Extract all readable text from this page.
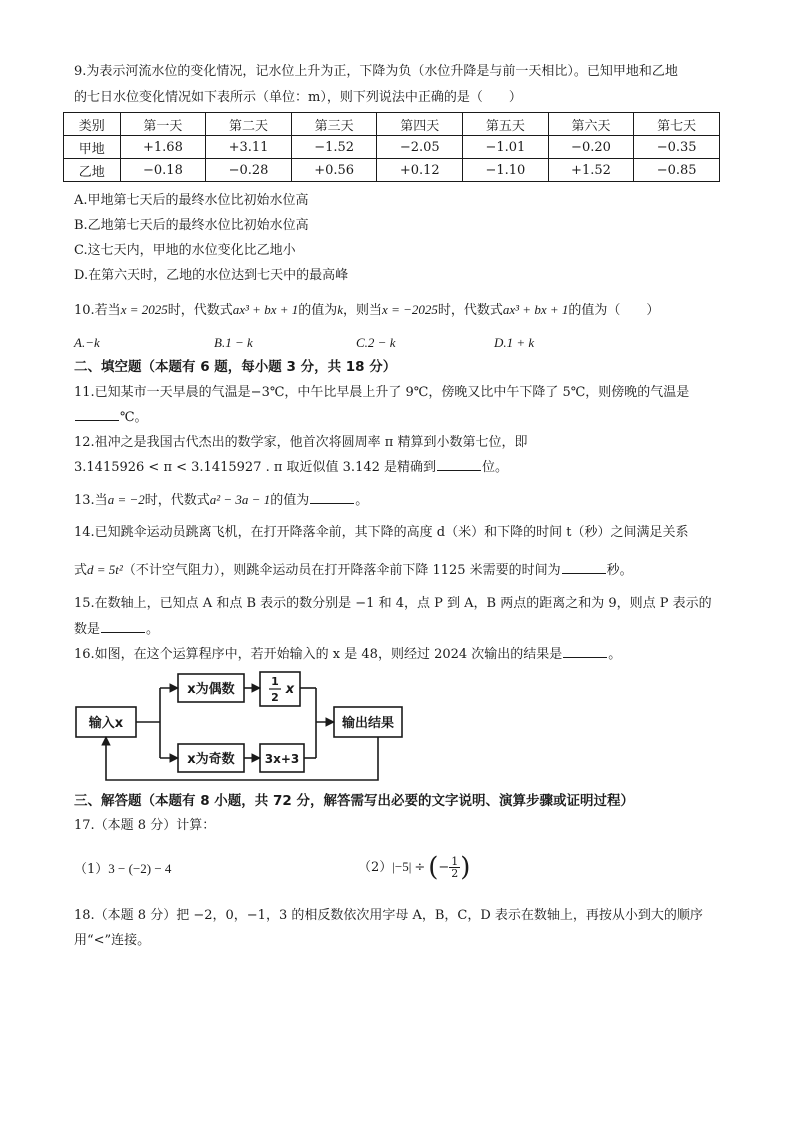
9.为表示河流水位的变化情况，记水位上升为正，下降为负（水位升降是与前一天相比）。已知甲地和乙地
的七日水位变化情况如下表所示（单位：m），则下列说法中正确的是（　　）
类别	第一天	第二天	第三天	第四天	第五天	第六天	第七天
甲地	+1.68	+3.11	−1.52	−2.05	−1.01	−0.20	−0.35
乙地	−0.18	−0.28	+0.56	+0.12	−1.10	+1.52	−0.85
A.甲地第七天后的最终水位比初始水位高
B.乙地第七天后的最终水位比初始水位高
C.这七天内，甲地的水位变化比乙地小
D.在第六天时，乙地的水位达到七天中的最高峰
10.若当x = 2025时，代数式ax³ + bx + 1的值为k，则当x = −2025时，代数式ax³ + bx + 1的值为（　　）
A.−k	B.1 − k	C.2 − k	D.1 + k
二、填空题（本题有 6 题，每小题 3 分，共 18 分）
11.已知某市一天早晨的气温是−3℃，中午比早晨上升了 9℃，傍晚又比中午下降了 5℃，则傍晚的气温是
℃。
12.祖冲之是我国古代杰出的数学家，他首次将圆周率 π 精算到小数第七位，即
3.1415926 < π < 3.1415927 . π 取近似值 3.142 是精确到	位。
13.当a = −2时，代数式a² − 3a − 1的值为	。
14.已知跳伞运动员跳离飞机，在打开降落伞前，其下降的高度 d（米）和下降的时间 t（秒）之间满足关系
式d = 5t²（不计空气阻力），则跳伞运动员在打开降落伞前下降 1125 米需要的时间为	秒。
15.在数轴上，已知点 A 和点 B 表示的数分别是 −1 和 4，点 P 到 A，B 两点的距离之和为 9，则点 P 表示的
数是	。
16.如图，在这个运算程序中，若开始输入的 x 是 48，则经过 2024 次输出的结果是	。
输入x
x为偶数
1
2
x
x为奇数	3x+3
输出结果
三、解答题（本题有 8 小题，共 72 分，解答需写出必要的文字说明、演算步骤或证明过程）
17.（本题 8 分）计算：
（1）3 − (−2) − 4	（2）|−5| ÷ (− $\frac{1}{2}$ )
18.（本题 8 分）把 −2，0，−1，3 的相反数依次用字母 A，B，C，D 表示在数轴上，再按从小到大的顺序
用“<”连接。
